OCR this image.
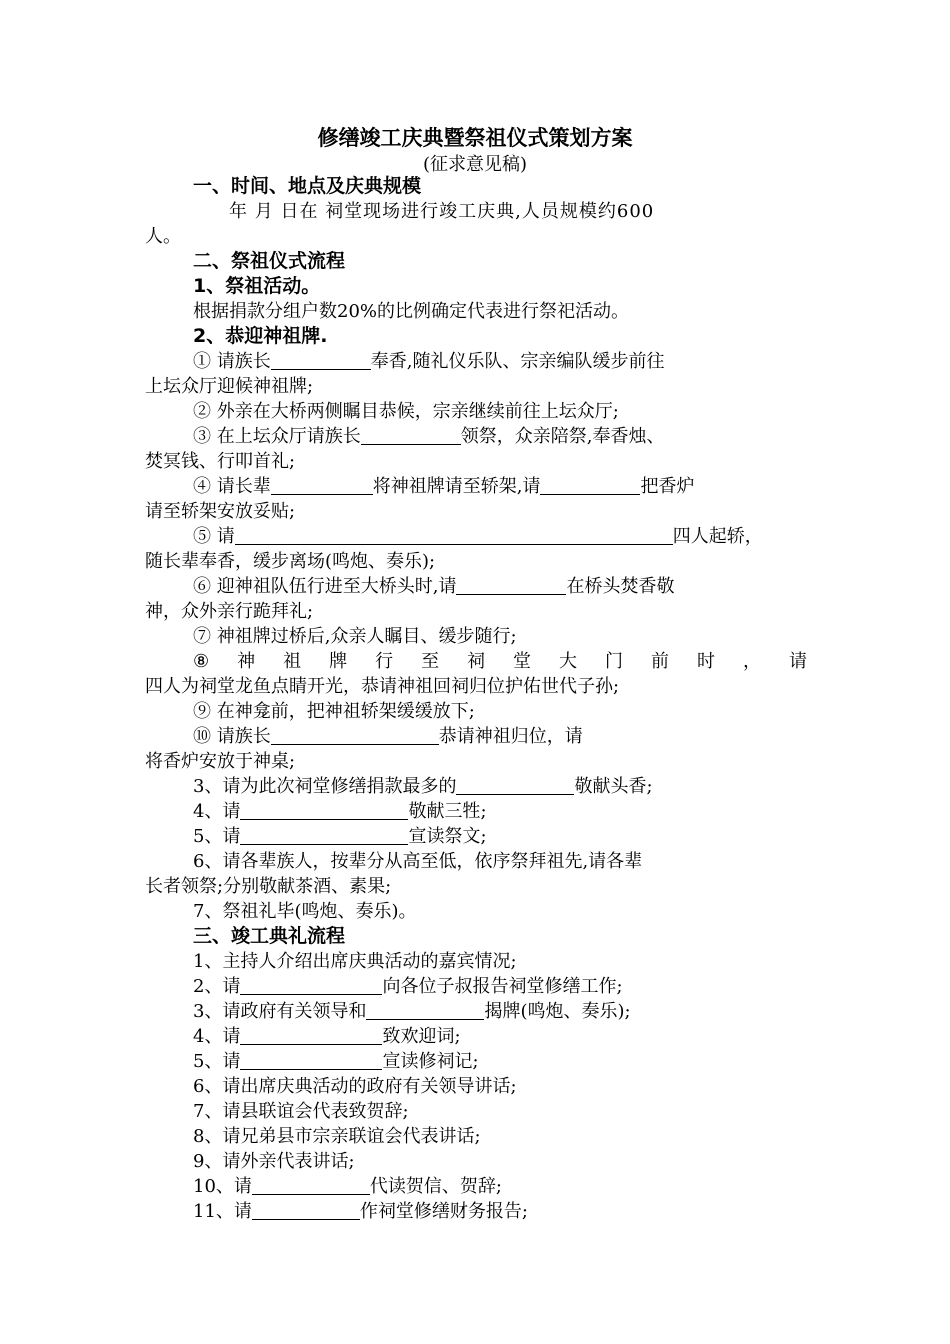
修缮竣工庆典暨祭祖仪式策划方案
(征求意见稿)
一、时间、地点及庆典规模
年 月 日在 祠堂现场进行竣工庆典,人员规模约600
人。
二、祭祖仪式流程
1、祭祖活动。
根据捐款分组户数20%的比例确定代表进行祭祀活动。
2、恭迎神祖牌.
① 请族长	奉香,随礼仪乐队、宗亲编队缓步前往
上坛众厅迎候神祖牌;
② 外亲在大桥两侧瞩目恭候，宗亲继续前往上坛众厅;
③ 在上坛众厅请族长	领祭，众亲陪祭,奉香烛、
焚冥钱、行叩首礼;
④ 请长辈	将神祖牌请至轿架,请	把香炉
请至轿架安放妥贴;
⑤ 请	四人起轿，
随长辈奉香，缓步离场(鸣炮、奏乐);
⑥ 迎神祖队伍行进至大桥头时,请	在桥头焚香敬
神，众外亲行跪拜礼;
⑦ 神祖牌过桥后,众亲人瞩目、缓步随行;
⑧ 神 祖 牌 行 至 祠 堂 大 门 前 时 ， 请
四人为祠堂龙鱼点睛开光，恭请神祖回祠归位护佑世代子孙;
⑨ 在神龛前，把神祖轿架缓缓放下;
⑩ 请族长	恭请神祖归位，请
将香炉安放于神桌;
3、请为此次祠堂修缮捐款最多的	敬献头香;
4、请	敬献三牲;
5、请	宣读祭文;
6、请各辈族人，按辈分从高至低，依序祭拜祖先,请各辈
长者领祭;分别敬献茶酒、素果;
7、祭祖礼毕(鸣炮、奏乐)。
三、竣工典礼流程
1、主持人介绍出席庆典活动的嘉宾情况;
2、请	向各位子叔报告祠堂修缮工作;
3、请政府有关领导和	揭牌(鸣炮、奏乐);
4、请	致欢迎词;
5、请	宣读修祠记;
6、请出席庆典活动的政府有关领导讲话;
7、请县联谊会代表致贺辞;
8、请兄弟县市宗亲联谊会代表讲话;
9、请外亲代表讲话;
10、请	代读贺信、贺辞;
11、请	作祠堂修缮财务报告;
